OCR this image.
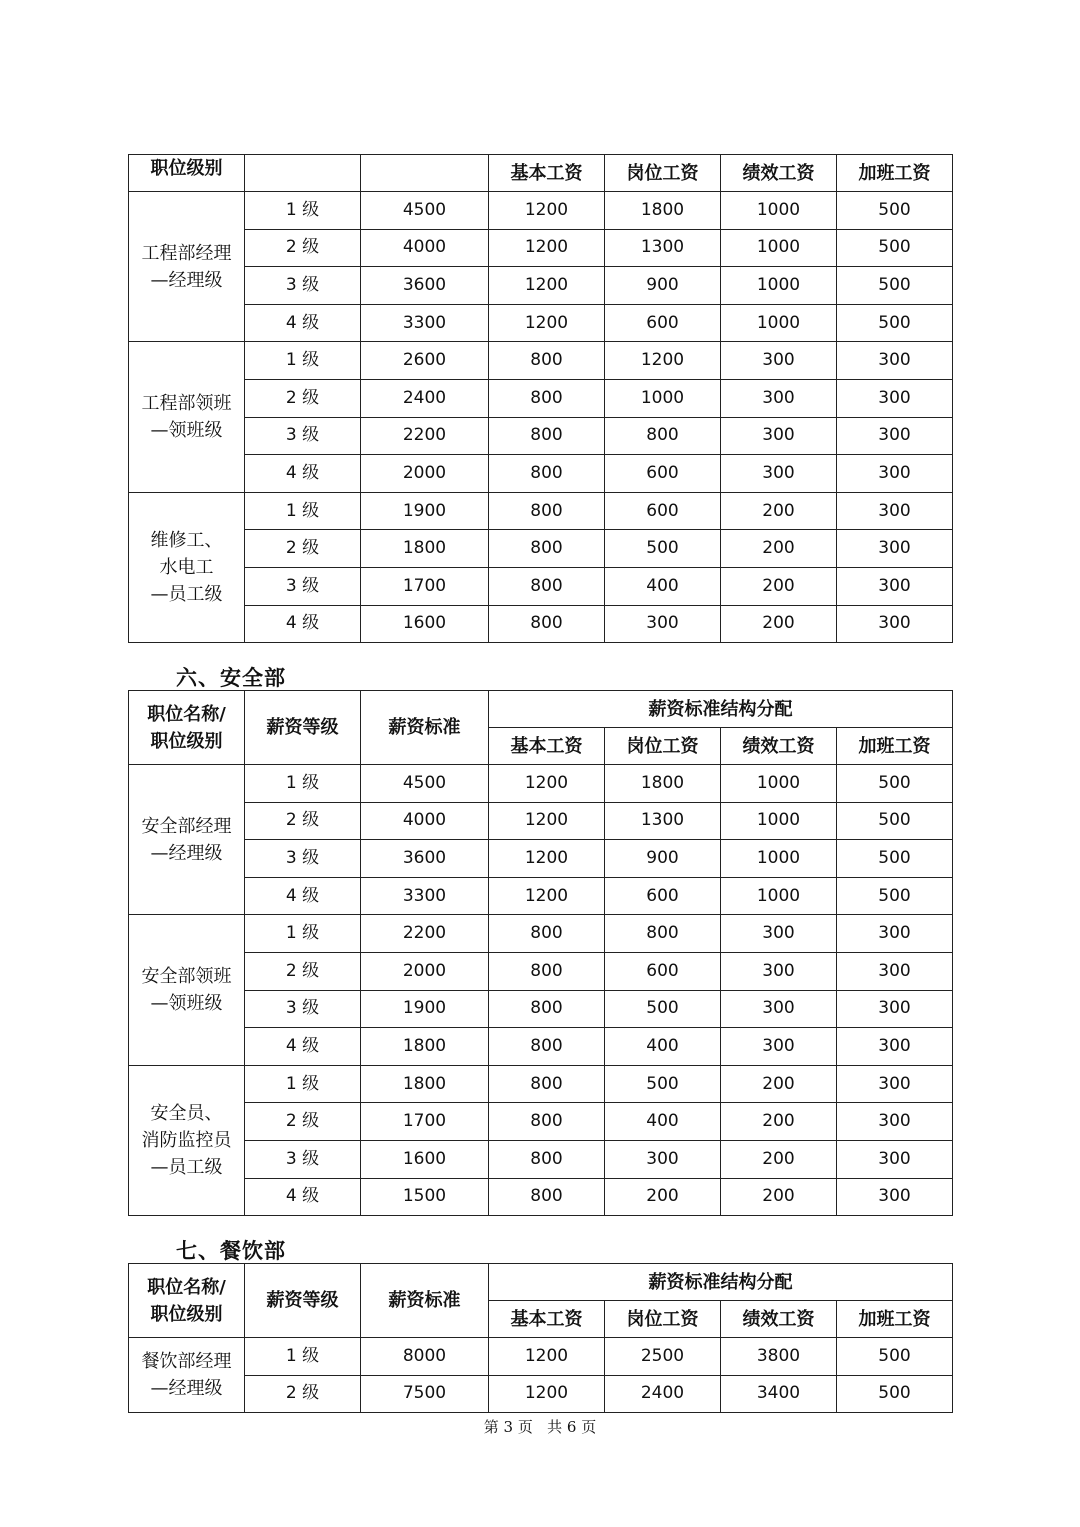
职位级别			基本工资	岗位工资	绩效工资	加班工资
工程部经理
—经理级	1 级	4500	1200	1800	1000	500
	2 级	4000	1200	1300	1000	500
	3 级	3600	1200	900	1000	500
	4 级	3300	1200	600	1000	500
工程部领班
—领班级	1 级	2600	800	1200	300	300
	2 级	2400	800	1000	300	300
	3 级	2200	800	800	300	300
	4 级	2000	800	600	300	300
维修工、
水电工
—员工级	1 级	1900	800	600	200	300
	2 级	1800	800	500	200	300
	3 级	1700	800	400	200	300
	4 级	1600	800	300	200	300
六、安全部
职位名称/
职位级别	薪资等级	薪资标准	薪资标准结构分配			
			基本工资	岗位工资	绩效工资	加班工资
安全部经理
—经理级	1 级	4500	1200	1800	1000	500
	2 级	4000	1200	1300	1000	500
	3 级	3600	1200	900	1000	500
	4 级	3300	1200	600	1000	500
安全部领班
—领班级	1 级	2200	800	800	300	300
	2 级	2000	800	600	300	300
	3 级	1900	800	500	300	300
	4 级	1800	800	400	300	300
安全员、
消防监控员
—员工级	1 级	1800	800	500	200	300
	2 级	1700	800	400	200	300
	3 级	1600	800	300	200	300
	4 级	1500	800	200	200	300
七、餐饮部
职位名称/
职位级别	薪资等级	薪资标准	薪资标准结构分配			
			基本工资	岗位工资	绩效工资	加班工资
餐饮部经理
—经理级	1 级	8000	1200	2500	3800	500
	2 级	7500	1200	2400	3400	500
第 3 页   共 6 页
